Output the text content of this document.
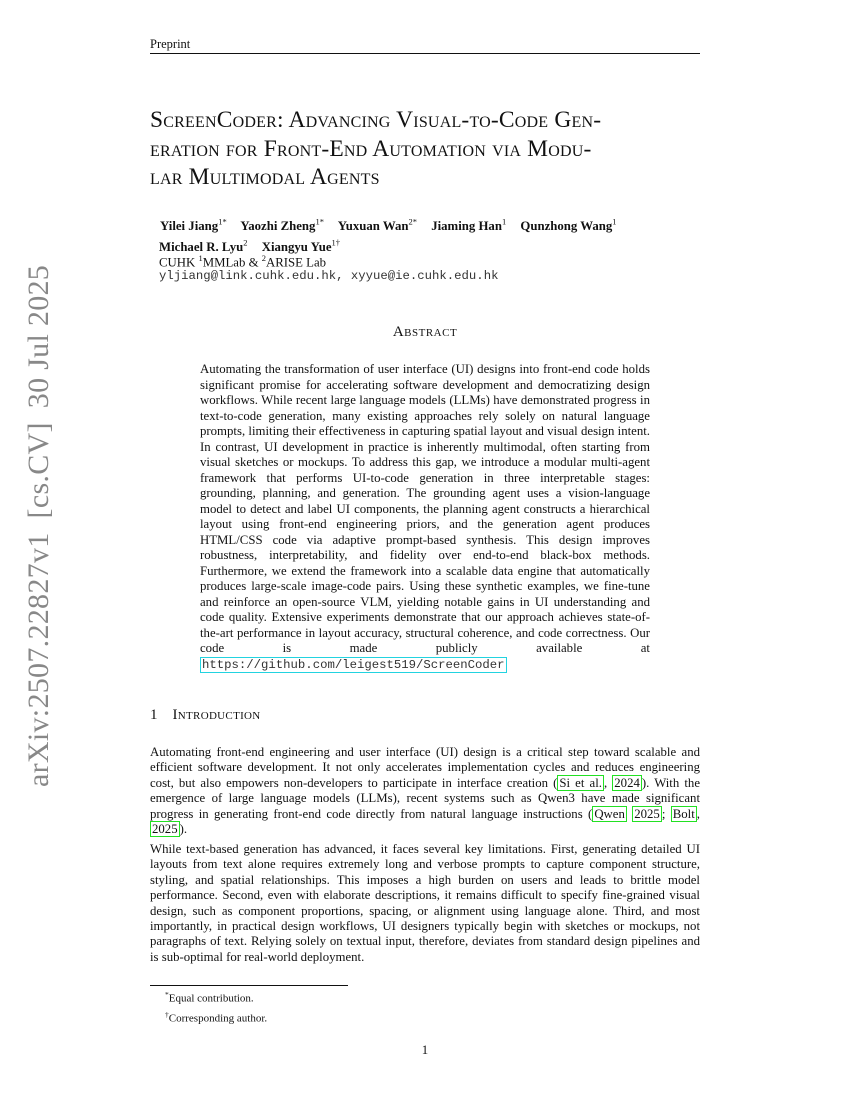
Preprint
arXiv:2507.22827v1[cs.CV]30 Jul 2025
ScreenCoder: Advancing Visual-to-Code Gen-
eration for Front-End Automation via Modu-
lar Multimodal Agents
Yilei Jiang$^{1*}$ Yaozhi Zheng$^{1*}$ Yuxuan Wan$^{2*}$ Jiaming Han$^1$ Qunzhong Wang$^1$
Michael R. Lyu$^2$ Xiangyu Yue$^{1\dagger}$
CUHK $^1$MMLab & $^2$ARISE Lab
yljiang@link.cuhk.edu.hk, xyyue@ie.cuhk.edu.hk
Abstract
Automating the transformation of user interface (UI) designs into front-end code holds significant promise for accelerating software development and democratizing design workflows. While recent large language models (LLMs) have demonstrated progress in text-to-code generation, many existing approaches rely solely on natural language prompts, limiting their effectiveness in capturing spatial layout and visual design intent. In contrast, UI development in practice is inherently multimodal, often starting from visual sketches or mockups. To address this gap, we introduce a modular multi-agent framework that performs UI-to-code generation in three interpretable stages: grounding, planning, and generation. The grounding agent uses a vision-language model to detect and label UI components, the planning agent constructs a hierarchical layout using front-end engineering priors, and the generation agent produces HTML/CSS code via adaptive prompt-based synthesis. This design improves robustness, interpretability, and fidelity over end-to-end black-box methods. Furthermore, we extend the framework into a scalable data engine that automatically produces large-scale image-code pairs. Using these synthetic examples, we fine-tune and reinforce an open-source VLM, yielding notable gains in UI understanding and code quality. Extensive experiments demonstrate that our approach achieves state-of-the-art performance in layout accuracy, structural coherence, and code correctness. Our code is made publicly available at https://github.com/leigest519/ScreenCoder
1 Introduction
Automating front-end engineering and user interface (UI) design is a critical step toward scalable and efficient software development. It not only accelerates implementation cycles and reduces engineering cost, but also empowers non-developers to participate in interface creation ( Si et al. , 2024 ). With the emergence of large language models (LLMs), recent systems such as Qwen3 have made significant progress in generating front-end code directly from natural language instructions ( Qwen 2025 ; Bolt , 2025 ).
While text-based generation has advanced, it faces several key limitations. First, generating detailed UI layouts from text alone requires extremely long and verbose prompts to capture component structure, styling, and spatial relationships. This imposes a high burden on users and leads to brittle model performance. Second, even with elaborate descriptions, it remains difficult to specify fine-grained visual design, such as component proportions, spacing, or alignment using language alone. Third, and most importantly, in practical design workflows, UI designers typically begin with sketches or mockups, not paragraphs of text. Relying solely on textual input, therefore, deviates from standard design pipelines and is sub-optimal for real-world deployment.
*Equal contribution.
†Corresponding author.
1
